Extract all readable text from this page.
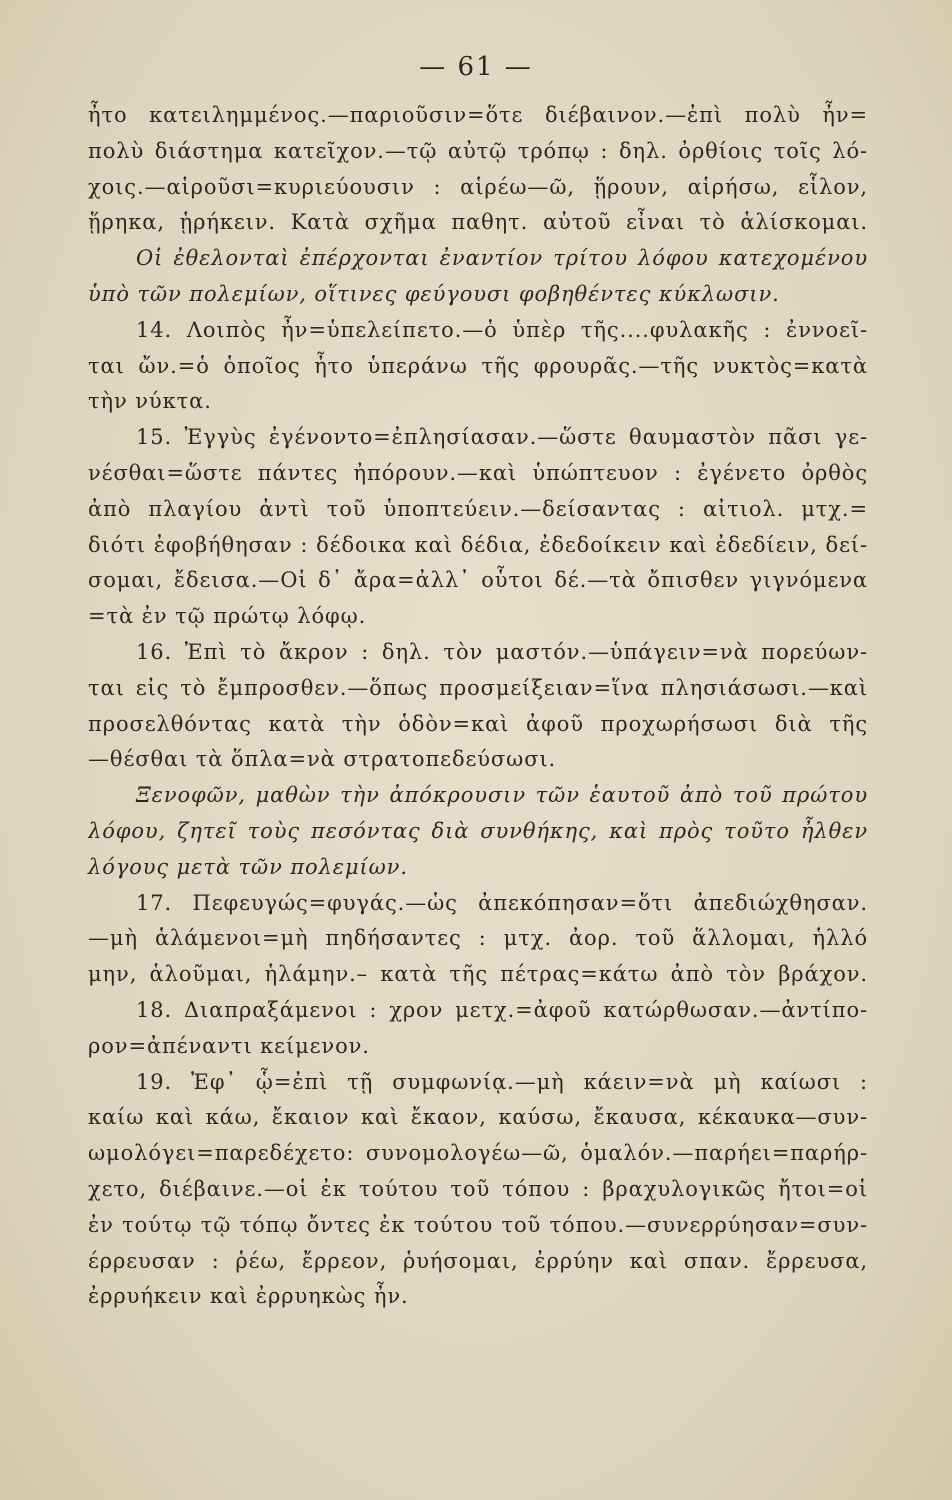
— 61 —
ἦτο κατειλημμένος.—παριοῦσιν=ὅτε διέβαινον.—ἐπὶ πολὺ ἦν=
πολὺ διάστημα κατεῖχον.—τῷ αὐτῷ τρόπῳ : δηλ. ὀρθίοις τοῖς λό-
χοις.—αἱροῦσι=κυριεύουσιν : αἱρέω—ῶ, ᾕρουν, αἱρήσω, εἷλον,
ᾕρηκα, ᾑρήκειν. Κατὰ σχῆμα παθητ. αὐτοῦ εἶναι τὸ ἁλίσκομαι.
Οἱ ἐθελονταὶ ἐπέρχονται ἐναντίον τρίτου λόφου κατεχομένου
ὑπὸ τῶν πολεμίων, οἵτινες φεύγουσι φοβηθέντες κύκλωσιν.
14. Λοιπὸς ἦν=ὑπελείπετο.—ὁ ὑπὲρ τῆς....φυλακῆς : ἐννοεῖ-
ται ὤν.=ὁ ὁποῖος ἦτο ὑπεράνω τῆς φρουρᾶς.—τῆς νυκτὸς=κατὰ
τὴν νύκτα.
15. Ἐγγὺς ἐγένοντο=ἐπλησίασαν.—ὥστε θαυμαστὸν πᾶσι γε-
νέσθαι=ὥστε πάντες ἠπόρουν.—καὶ ὑπώπτευον : ἐγένετο ὀρθὸς
ἀπὸ πλαγίου ἀντὶ τοῦ ὑποπτεύειν.—δείσαντας : αἰτιολ. μτχ.=
διότι ἐφοβήθησαν : δέδοικα καὶ δέδια, ἐδεδοίκειν καὶ ἐδεδίειν, δεί-
σομαι, ἔδεισα.—Οἱ δ᾽ ἄρα=ἀλλ᾽ οὗτοι δέ.—τὰ ὄπισθεν γιγνόμενα
=τὰ ἐν τῷ πρώτῳ λόφῳ.
16. Ἐπὶ τὸ ἄκρον : δηλ. τὸν μαστόν.—ὑπάγειν=νὰ πορεύων-
ται εἰς τὸ ἔμπροσθεν.—ὅπως προσμείξειαν=ἵνα πλησιάσωσι.—καὶ
προσελθόντας κατὰ τὴν ὁδὸν=καὶ ἀφοῦ προχωρήσωσι διὰ τῆς
—θέσθαι τὰ ὅπλα=νὰ στρατοπεδεύσωσι.
Ξενοφῶν, μαθὼν τὴν ἀπόκρουσιν τῶν ἑαυτοῦ ἀπὸ τοῦ πρώτου
λόφου, ζητεῖ τοὺς πεσόντας διὰ συνθήκης, καὶ πρὸς τοῦτο ἦλθεν
λόγους μετὰ τῶν πολεμίων.
17. Πεφευγώς=φυγάς.—ὡς ἀπεκόπησαν=ὅτι ἀπεδιώχθησαν.
—μὴ ἁλάμενοι=μὴ πηδήσαντες : μτχ. ἀορ. τοῦ ἅλλομαι, ἡλλό
μην, ἁλοῦμαι, ἡλάμην.– κατὰ τῆς πέτρας=κάτω ἀπὸ τὸν βράχον.
18. Διαπραξάμενοι : χρον μετχ.=ἀφοῦ κατώρθωσαν.—ἀντίπο-
ρον=ἀπέναντι κείμενον.
19. Ἐφ᾽ ᾧ=ἐπὶ τῇ συμφωνίᾳ.—μὴ κάειν=νὰ μὴ καίωσι :
καίω καὶ κάω, ἔκαιον καὶ ἔκαον, καύσω, ἔκαυσα, κέκαυκα—συν-
ωμολόγει=παρεδέχετο: συνομολογέω—ῶ, ὁμαλόν.—παρήει=παρήρ-
χετο, διέβαινε.—οἱ ἐκ τούτου τοῦ τόπου : βραχυλογικῶς ἤτοι=οἱ
ἐν τούτῳ τῷ τόπῳ ὄντες ἐκ τούτου τοῦ τόπου.—συνερρύησαν=συν-
έρρευσαν : ῥέω, ἔρρεον, ῥυήσομαι, ἐρρύην καὶ σπαν. ἔρρευσα,
ἐρρυήκειν καὶ ἐρρυηκὼς ἦν.
